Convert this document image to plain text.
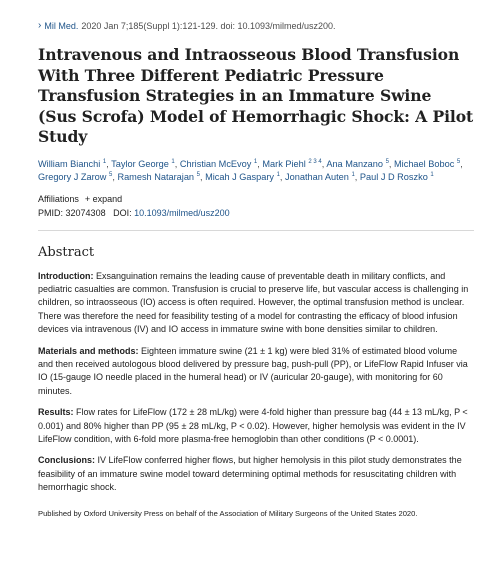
› Mil Med. 2020 Jan 7;185(Suppl 1):121-129. doi: 10.1093/milmed/usz200.
Intravenous and Intraosseous Blood Transfusion With Three Different Pediatric Pressure Transfusion Strategies in an Immature Swine (Sus Scrofa) Model of Hemorrhagic Shock: A Pilot Study
William Bianchi $^1$, Taylor George $^1$, Christian McEvoy $^1$, Mark Piehl $^{2 3 4}$, Ana Manzano $^5$, Michael Boboc $^5$, Gregory J Zarow $^5$, Ramesh Natarajan $^5$, Micah J Gaspary $^1$, Jonathan Auten $^1$, Paul J D Roszko $^1$
Affiliations + expand
PMID: 32074308 DOI: 10.1093/milmed/usz200
Abstract

Introduction: Exsanguination remains the leading cause of preventable death in military conflicts, and pediatric casualties are common. Transfusion is crucial to preserve life, but vascular access is challenging in children, so intraosseous (IO) access is often required. However, the optimal transfusion method is unclear. There was therefore the need for feasibility testing of a model for contrasting the efficacy of blood infusion devices via intravenous (IV) and IO access in immature swine with bone densities similar to children.

Materials and methods: Eighteen immature swine (21 ± 1 kg) were bled 31% of estimated blood volume and then received autologous blood delivered by pressure bag, push-pull (PP), or LifeFlow Rapid Infuser via IO (15-gauge IO needle placed in the humeral head) or IV (auricular 20-gauge), with monitoring for 60 minutes.

Results: Flow rates for LifeFlow (172 ± 28 mL/kg) were 4-fold higher than pressure bag (44 ± 13 mL/kg, P < 0.001) and 80% higher than PP (95 ± 28 mL/kg, P < 0.02). However, higher hemolysis was evident in the IV LifeFlow condition, with 6-fold more plasma-free hemoglobin than other conditions (P < 0.0001).

Conclusions: IV LifeFlow conferred higher flows, but higher hemolysis in this pilot study demonstrates the feasibility of an immature swine model toward determining optimal methods for resuscitating children with hemorrhagic shock.

Published by Oxford University Press on behalf of the Association of Military Surgeons of the United States 2020.
